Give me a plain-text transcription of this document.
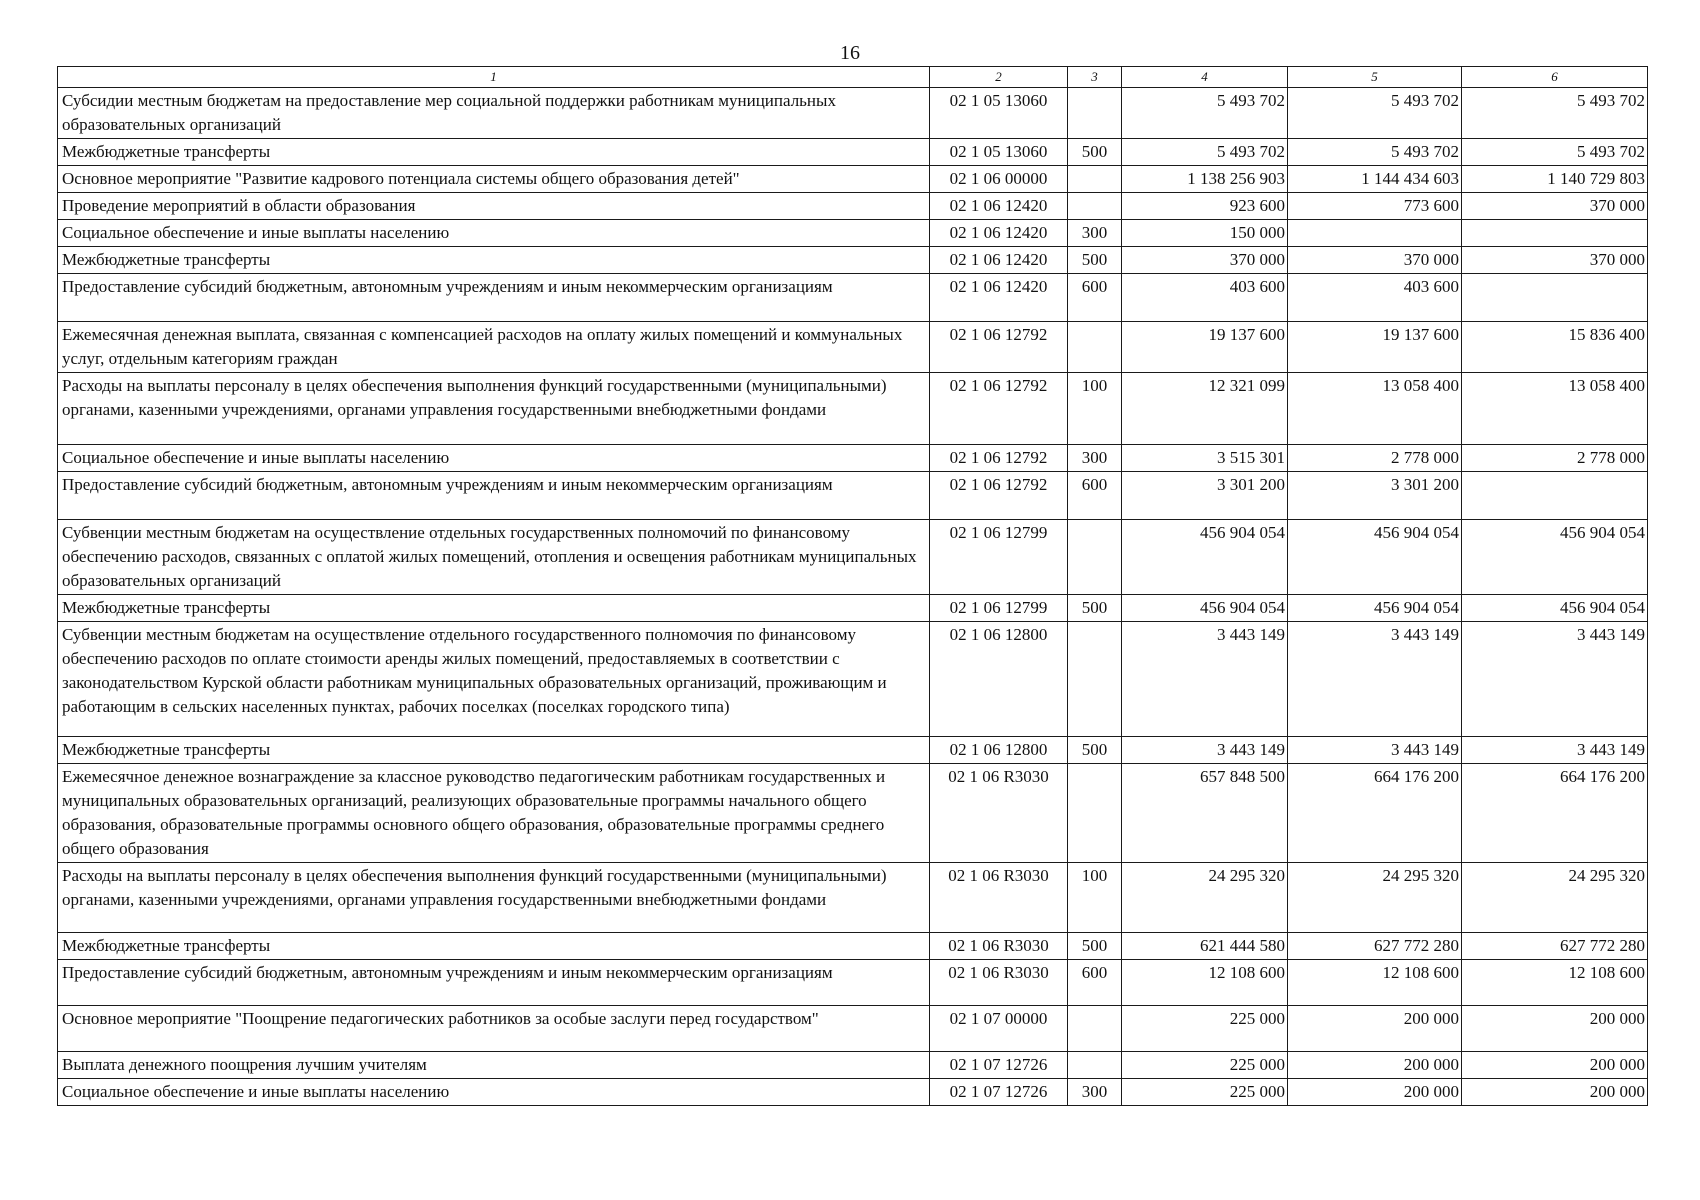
16
1	2	3	4	5	6
Субсидии местным бюджетам на предоставление мер социальной поддержки работникам муниципальных образовательных организаций	02 1 05 13060		5 493 702	5 493 702	5 493 702
Межбюджетные трансферты	02 1 05 13060	500	5 493 702	5 493 702	5 493 702
Основное мероприятие "Развитие кадрового потенциала системы общего образования детей"	02 1 06 00000		1 138 256 903	1 144 434 603	1 140 729 803
Проведение мероприятий в области образования	02 1 06 12420		923 600	773 600	370 000
Социальное обеспечение и иные выплаты населению	02 1 06 12420	300	150 000		
Межбюджетные трансферты	02 1 06 12420	500	370 000	370 000	370 000
Предоставление субсидий бюджетным, автономным учреждениям и иным некоммерческим организациям	02 1 06 12420	600	403 600	403 600	
Ежемесячная денежная выплата, связанная с компенсацией расходов на оплату жилых помещений и коммунальных услуг, отдельным категориям граждан	02 1 06 12792		19 137 600	19 137 600	15 836 400
Расходы на выплаты персоналу в целях обеспечения выполнения функций государственными (муниципальными) органами, казенными учреждениями, органами управления государственными внебюджетными фондами	02 1 06 12792	100	12 321 099	13 058 400	13 058 400
Социальное обеспечение и иные выплаты населению	02 1 06 12792	300	3 515 301	2 778 000	2 778 000
Предоставление субсидий бюджетным, автономным учреждениям и иным некоммерческим организациям	02 1 06 12792	600	3 301 200	3 301 200	
Субвенции местным бюджетам на осуществление отдельных государственных полномочий по финансовому обеспечению расходов, связанных с оплатой жилых помещений, отопления и освещения работникам муниципальных образовательных организаций	02 1 06 12799		456 904 054	456 904 054	456 904 054
Межбюджетные трансферты	02 1 06 12799	500	456 904 054	456 904 054	456 904 054
Субвенции местным бюджетам на осуществление отдельного государственного полномочия по финансовому обеспечению расходов по оплате стоимости аренды жилых помещений, предоставляемых в соответствии с законодательством Курской области работникам муниципальных образовательных организаций, проживающим и работающим в сельских населенных пунктах, рабочих поселках (поселках городского типа)	02 1 06 12800		3 443 149	3 443 149	3 443 149
Межбюджетные трансферты	02 1 06 12800	500	3 443 149	3 443 149	3 443 149
Ежемесячное денежное вознаграждение за классное руководство педагогическим работникам государственных и муниципальных образовательных организаций, реализующих образовательные программы начального общего образования, образовательные программы основного общего образования, образовательные программы среднего общего образования	02 1 06 R3030		657 848 500	664 176 200	664 176 200
Расходы на выплаты персоналу в целях обеспечения выполнения функций государственными (муниципальными) органами, казенными учреждениями, органами управления государственными внебюджетными фондами	02 1 06 R3030	100	24 295 320	24 295 320	24 295 320
Межбюджетные трансферты	02 1 06 R3030	500	621 444 580	627 772 280	627 772 280
Предоставление субсидий бюджетным, автономным учреждениям и иным некоммерческим организациям	02 1 06 R3030	600	12 108 600	12 108 600	12 108 600
Основное мероприятие "Поощрение педагогических работников за особые заслуги перед государством"	02 1 07 00000		225 000	200 000	200 000
Выплата денежного поощрения лучшим учителям	02 1 07 12726		225 000	200 000	200 000
Социальное обеспечение и иные выплаты населению	02 1 07 12726	300	225 000	200 000	200 000
